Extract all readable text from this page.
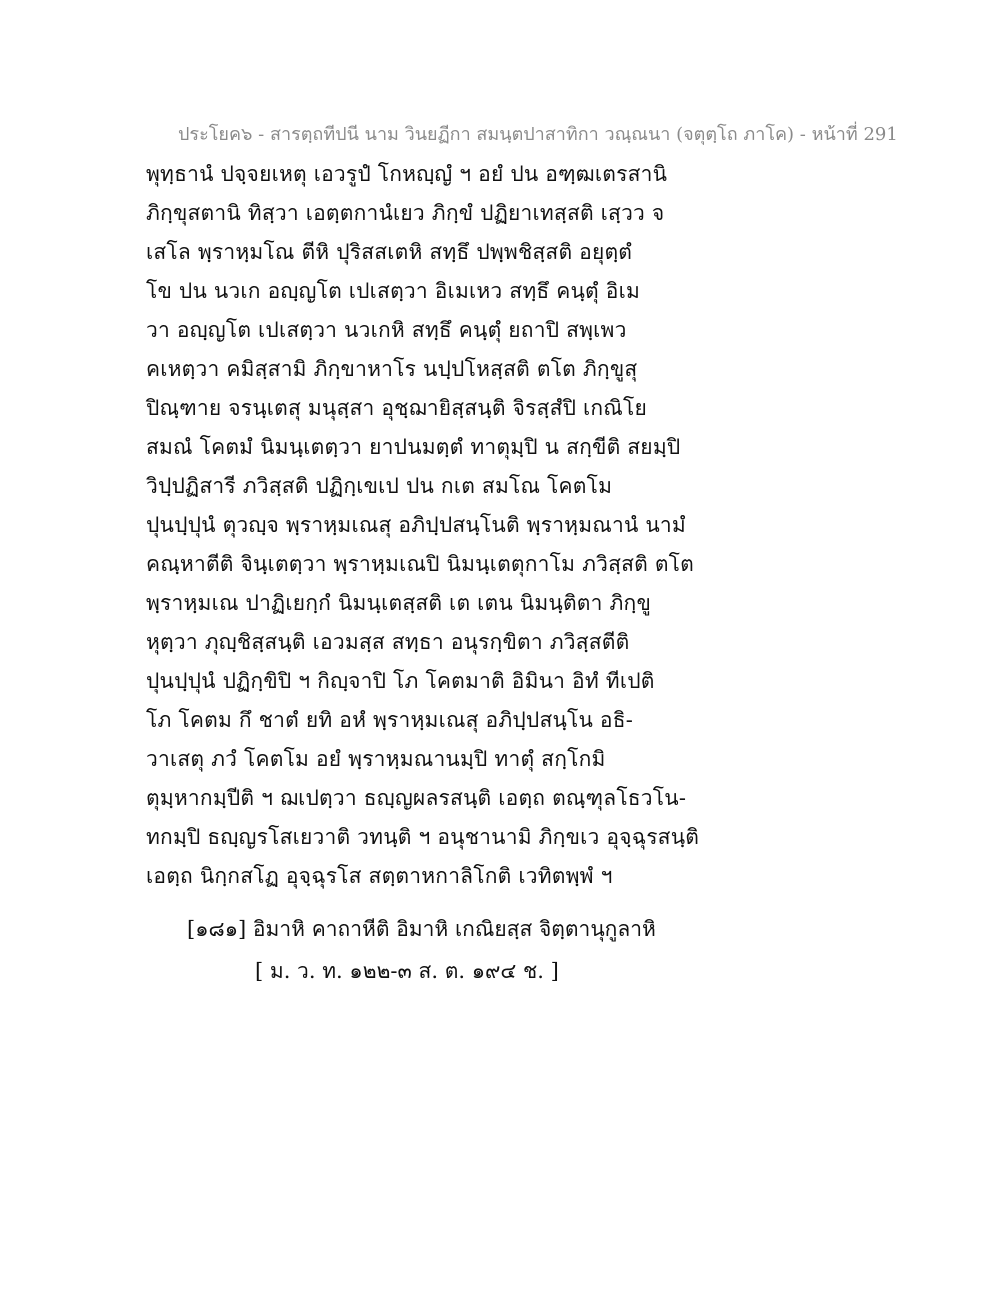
ประโยค๖ - สารตฺถทีปนี นาม วินยฏีกา สมนฺตปาสาทิกา วณฺณนา (จตุตฺโถ ภาโค) - หน้าที่ 291
พุทฺธานํ ปจฺจยเหตุ เอวรูปํ โกหญฺญํ ฯ อยํ ปน อฑฺฒเตรสานิ
ภิกฺขุสตานิ ทิสฺวา เอตฺตกานํเยว ภิกฺขํ ปฏิยาเทสฺสติ เสฺวว จ
เสโล พฺราหฺมโณ ตีหิ ปุริสสเตหิ สทฺธึ ปพฺพชิสฺสติ อยุตฺตํ
โข ปน นวเก อญฺญโต เปเสตฺวา อิเมเหว สทฺธึ คนฺตุํ อิเม
วา อญฺญโต เปเสตฺวา นวเกหิ สทฺธึ คนฺตุํ ยถาปิ สพฺเพว
คเหตฺวา คมิสฺสามิ ภิกฺขาหาโร นปฺปโหสฺสติ ตโต ภิกฺขูสุ
ปิณฺฑาย จรนฺเตสุ มนุสฺสา อุชฺฌายิสฺสนฺติ จิรสฺสํปิ เกณิโย
สมณํ โคตมํ นิมนฺเตตฺวา ยาปนมตฺตํ ทาตุมฺปิ น สกฺขีติ สยมฺปิ
วิปฺปฏิสารี ภวิสฺสติ ปฏิกฺเขเป ปน กเต สมโณ โคตโม
ปุนปฺปุนํ ตุวญฺจ พฺราหฺมเณสุ อภิปฺปสนฺโนติ พฺราหฺมณานํ นามํ
คณฺหาตีติ จินฺเตตฺวา พฺราหฺมเณปิ นิมนฺเตตุกาโม ภวิสฺสติ ตโต
พฺราหฺมเณ ปาฏิเยกฺกํ นิมนฺเตสฺสติ เต เตน นิมนฺติตา ภิกฺขู
หุตฺวา ภุญฺชิสฺสนฺติ เอวมสฺส สทฺธา อนุรกฺขิตา ภวิสฺสตีติ
ปุนปฺปุนํ ปฏิกฺขิปิ ฯ กิญฺจาปิ โภ โคตมาติ อิมินา อิทํ ทีเปติ
โภ โคตม กึ ชาตํ ยทิ อหํ พฺราหฺมเณสุ อภิปฺปสนฺโน อธิ-
วาเสตุ ภวํ โคตโม อยํ พฺราหฺมณานมฺปิ ทาตุํ สกฺโกมิ
ตุมฺหากมฺปีติ ฯ ฌเปตฺวา ธญฺญผลรสนฺติ เอตฺถ ตณฺฑุลโธวโน-
ทกมฺปิ ธญฺญรโสเยวาติ วทนฺติ ฯ อนุชานามิ ภิกฺขเว อุจฺฉุรสนฺติ
เอตฺถ นิกฺกสโฏ อุจฺฉุรโส สตฺตาหกาลิโกติ เวทิตพฺพํ ฯ
[๑๘๑] อิมาหิ คาถาหีติ อิมาหิ เกณิยสฺส จิตฺตานุกูลาหิ
[ ม. ว. ท. ๑๒๒-๓ ส. ต. ๑๙๔ ช. ]
